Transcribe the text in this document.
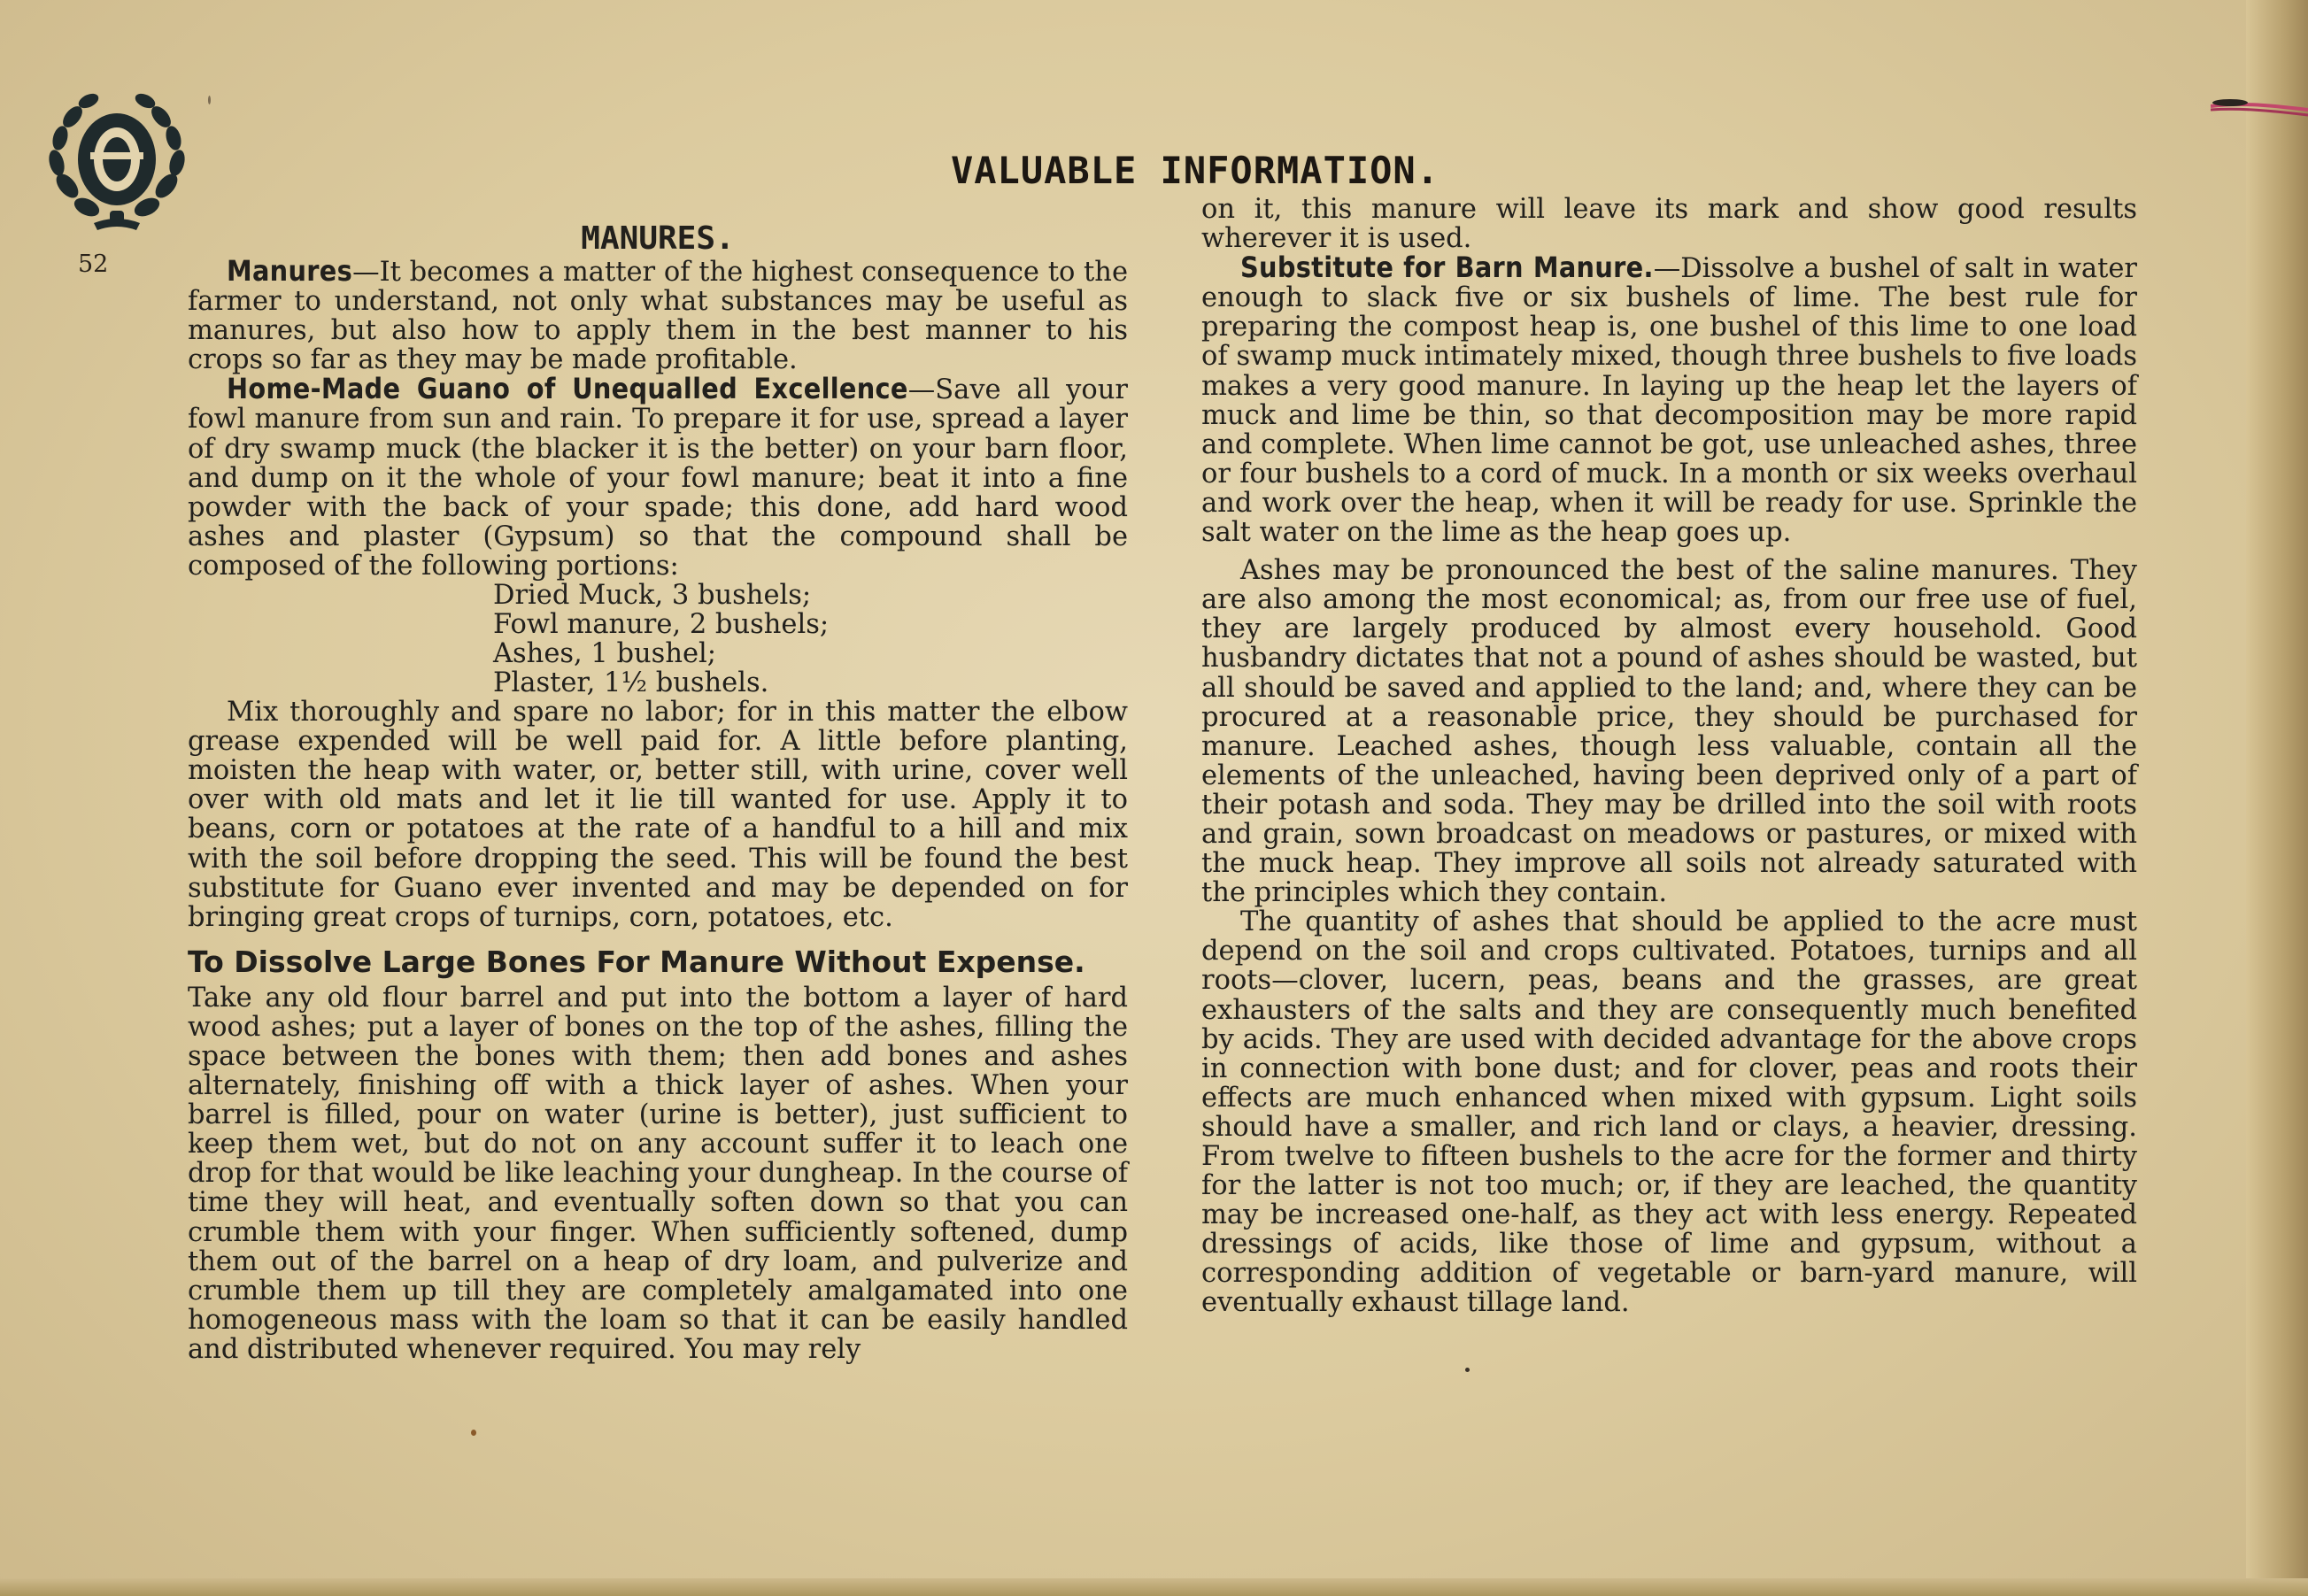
52
VALUABLE INFORMATION.
MANURES.

Manures—It becomes a matter of the highest consequence to the farmer to understand, not only what substances may be useful as manures, but also how to apply them in the best manner to his crops so far as they may be made profitable.

Home-Made Guano of Unequalled Excellence—Save all your fowl manure from sun and rain. To prepare it for use, spread a layer of dry swamp muck (the blacker it is the better) on your barn floor, and dump on it the whole of your fowl manure; beat it into a fine powder with the back of your spade; this done, add hard wood ashes and plaster (Gypsum) so that the compound shall be composed of the following portions:

Dried Muck, 3 bushels;
Fowl manure, 2 bushels;
Ashes, 1 bushel;
Plaster, 1½ bushels.

Mix thoroughly and spare no labor; for in this matter the elbow grease expended will be well paid for. A little before planting, moisten the heap with water, or, better still, with urine, cover well over with old mats and let it lie till wanted for use. Apply it to beans, corn or potatoes at the rate of a handful to a hill and mix with the soil before dropping the seed. This will be found the best substitute for Guano ever invented and may be depended on for bringing great crops of turnips, corn, potatoes, etc.

To Dissolve Large Bones For Manure Without Expense.

Take any old flour barrel and put into the bottom a layer of hard wood ashes; put a layer of bones on the top of the ashes, filling the space between the bones with them; then add bones and ashes alternately, finishing off with a thick layer of ashes. When your barrel is filled, pour on water (urine is better), just sufficient to keep them wet, but do not on any account suffer it to leach one drop for that would be like leaching your dungheap. In the course of time they will heat, and eventually soften down so that you can crumble them with your finger. When sufficiently softened, dump them out of the barrel on a heap of dry loam, and pulverize and crumble them up till they are completely amalgamated into one homogeneous mass with the loam so that it can be easily handled and distributed whenever required. You may rely

on it, this manure will leave its mark and show good results wherever it is used.

Substitute for Barn Manure.—Dissolve a bushel of salt in water enough to slack five or six bushels of lime. The best rule for preparing the compost heap is, one bushel of this lime to one load of swamp muck intimately mixed, though three bushels to five loads makes a very good manure. In laying up the heap let the layers of muck and lime be thin, so that decomposition may be more rapid and complete. When lime cannot be got, use unleached ashes, three or four bushels to a cord of muck. In a month or six weeks overhaul and work over the heap, when it will be ready for use. Sprinkle the salt water on the lime as the heap goes up.

Ashes may be pronounced the best of the saline manures. They are also among the most economical; as, from our free use of fuel, they are largely produced by almost every household. Good husbandry dictates that not a pound of ashes should be wasted, but all should be saved and applied to the land; and, where they can be procured at a reasonable price, they should be purchased for manure. Leached ashes, though less valuable, contain all the elements of the unleached, having been deprived only of a part of their potash and soda. They may be drilled into the soil with roots and grain, sown broadcast on meadows or pastures, or mixed with the muck heap. They improve all soils not already saturated with the principles which they contain.

The quantity of ashes that should be applied to the acre must depend on the soil and crops cultivated. Potatoes, turnips and all roots—clover, lucern, peas, beans and the grasses, are great exhausters of the salts and they are consequently much benefited by acids. They are used with decided advantage for the above crops in connection with bone dust; and for clover, peas and roots their effects are much enhanced when mixed with gypsum. Light soils should have a smaller, and rich land or clays, a heavier, dressing. From twelve to fifteen bushels to the acre for the former and thirty for the latter is not too much; or, if they are leached, the quantity may be increased one-half, as they act with less energy. Repeated dressings of acids, like those of lime and gypsum, without a corresponding addition of vegetable or barn-yard manure, will eventually exhaust tillage land.
